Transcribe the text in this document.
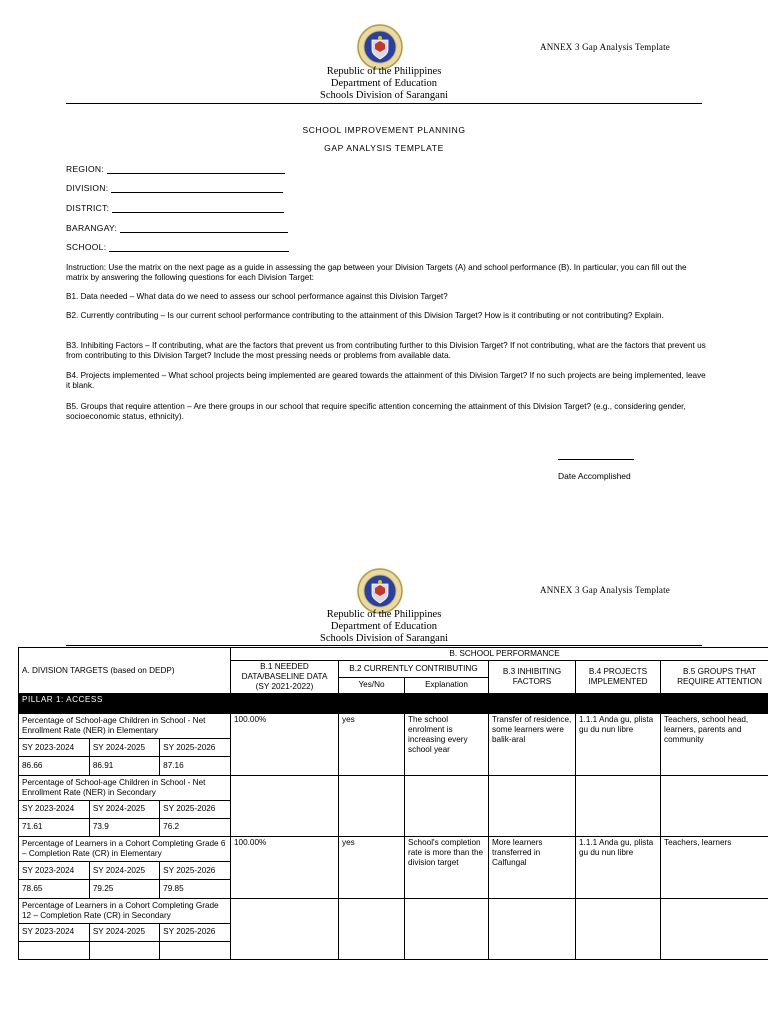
ANNEX 3 Gap Analysis Template
Republic of the Philippines
Department of Education
Schools Division of Sarangani
SCHOOL IMPROVEMENT PLANNING
GAP ANALYSIS TEMPLATE
REGION:
DIVISION:
DISTRICT:
BARANGAY:
SCHOOL:
Instruction: Use the matrix on the next page as a guide in assessing the gap between your Division Targets (A) and school performance (B). In particular, you can fill out the matrix by answering the following questions for each Division Target:
B1. Data needed – What data do we need to assess our school performance against this Division Target?
B2. Currently contributing – Is our current school performance contributing to the attainment of this Division Target? How is it contributing or not contributing? Explain.
B3. Inhibiting Factors – If contributing, what are the factors that prevent us from contributing further to this Division Target? If not contributing, what are the factors that prevent us from contributing to this Division Target? Include the most pressing needs or problems from available data.
B4. Projects implemented – What school projects being implemented are geared towards the attainment of this Division Target? If no such projects are being implemented, leave it blank.
B5. Groups that require attention – Are there groups in our school that require specific attention concerning the attainment of this Division Target? (e.g., considering gender, socioeconomic status, ethnicity).
Date Accomplished
ANNEX 3 Gap Analysis Template
Republic of the Philippines
Department of Education
Schools Division of Sarangani
A. DIVISION TARGETS (based on DEDP)	B. SCHOOL PERFORMANCE
B.1 NEEDED DATA/BASELINE DATA (SY 2021-2022)	B.2 CURRENTLY CONTRIBUTING	B.3 INHIBITING FACTORS	B.4 PROJECTS IMPLEMENTED	B.5 GROUPS THAT REQUIRE ATTENTION
Yes/No	Explanation
PILLAR 1: ACCESS

Percentage of School-age Children in School - Net Enrollment Rate (NER) in Elementary
SY 2023-2024	SY 2024-2025	SY 2025-2026
86.66	86.91	87.16
	100.00%	yes	The school enrolment is increasing every school year	Transfer of residence, some learners were balik-aral	1.1.1 Anda gu, plista gu du nun libre	Teachers, school head, learners, parents and community

Percentage of School-age Children in School - Net Enrollment Rate (NER) in Secondary
SY 2023-2024	SY 2024-2025	SY 2025-2026
71.61	73.9	76.2

Percentage of Learners in a Cohort Completing Grade 6 – Completion Rate (CR) in Elementary
SY 2023-2024	SY 2024-2025	SY 2025-2026
78.65	79.25	79.85
	100.00%	yes	School's completion rate is more than the division target	More learners transferred in Calfungal	1.1.1 Anda gu, plista gu du nun libre	Teachers, learners

Percentage of Learners in a Cohort Completing Grade 12 – Completion Rate (CR) in Secondary
SY 2023-2024	SY 2024-2025	SY 2025-2026
